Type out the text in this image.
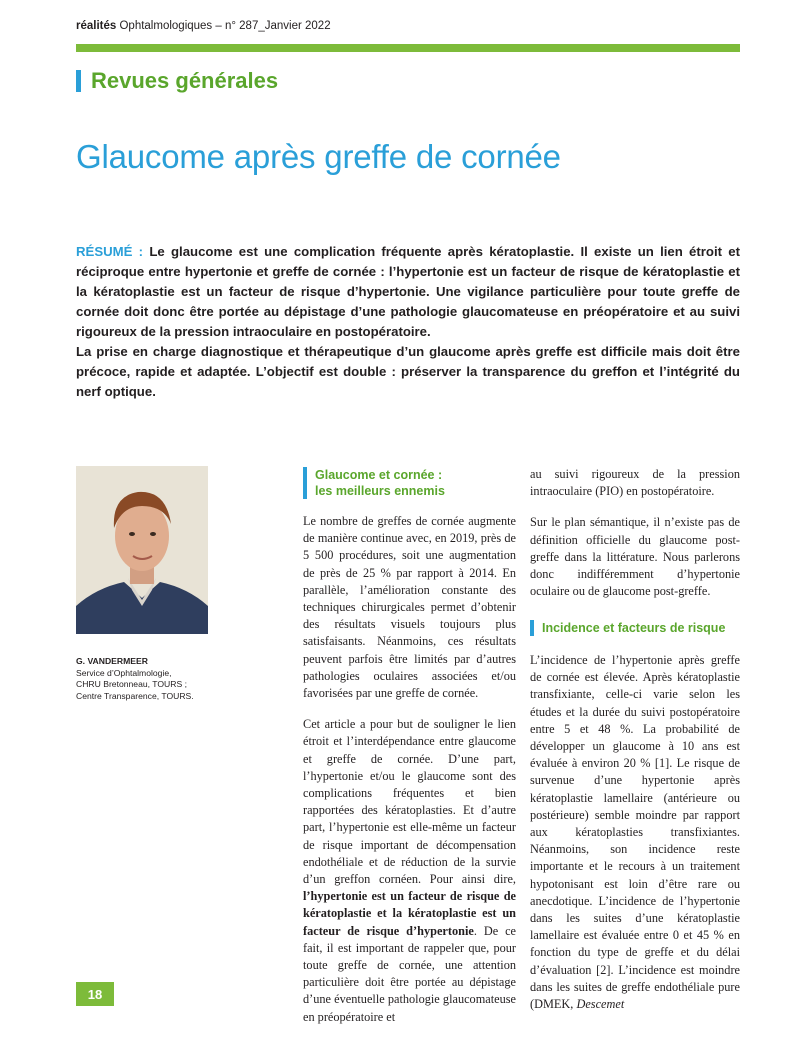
réalités Ophtalmologiques – n° 287_Janvier 2022
Revues générales
Glaucome après greffe de cornée

RÉSUMÉ : Le glaucome est une complication fréquente après kératoplastie. Il existe un lien étroit et réciproque entre hypertonie et greffe de cornée : l’hypertonie est un facteur de risque de kératoplastie et la kératoplastie est un facteur de risque d’hypertonie. Une vigilance particulière pour toute greffe de cornée doit donc être portée au dépistage d’une pathologie glaucomateuse en préopératoire et au suivi rigoureux de la pression intraoculaire en postopératoire.

La prise en charge diagnostique et thérapeutique d’un glaucome après greffe est difficile mais doit être précoce, rapide et adaptée. L’objectif est double : préserver la transparence du greffon et l’intégrité du nerf optique.

G. VANDERMEER
Service d’Ophtalmologie,
CHRU Bretonneau, TOURS ;
Centre Transparence, TOURS.
Glaucome et cornée :
les meilleurs ennemis

Le nombre de greffes de cornée augmente de manière continue avec, en 2019, près de 5 500 procédures, soit une augmentation de près de 25 % par rapport à 2014. En parallèle, l’amélioration constante des techniques chirurgicales permet d’obtenir des résultats visuels toujours plus satisfaisants. Néanmoins, ces résultats peuvent parfois être limités par d’autres pathologies oculaires associées et/ou favorisées par une greffe de cornée.

Cet article a pour but de souligner le lien étroit et l’interdépendance entre glaucome et greffe de cornée. D’une part, l’hypertonie et/ou le glaucome sont des complications fréquentes et bien rapportées des kératoplasties. Et d’autre part, l’hypertonie est elle-même un facteur de risque important de décompensation endothéliale et de réduction de la survie d’un greffon cornéen. Pour ainsi dire, l’hypertonie est un facteur de risque de kératoplastie et la kératoplastie est un facteur de risque d’hypertonie. De ce fait, il est important de rappeler que, pour toute greffe de cornée, une attention particulière doit être portée au dépistage d’une éventuelle pathologie glaucomateuse en préopératoire et

au suivi rigoureux de la pression intraoculaire (PIO) en postopératoire.

Sur le plan sémantique, il n’existe pas de définition officielle du glaucome post-greffe dans la littérature. Nous parlerons donc indifféremment d’hypertonie oculaire ou de glaucome post-greffe.

Incidence et facteurs de risque

L’incidence de l’hypertonie après greffe de cornée est élevée. Après kératoplastie transfixiante, celle-ci varie selon les études et la durée du suivi postopératoire entre 5 et 48 %. La probabilité de développer un glaucome à 10 ans est évaluée à environ 20 % [1]. Le risque de survenue d’une hypertonie après kératoplastie lamellaire (antérieure ou postérieure) semble moindre par rapport aux kératoplasties transfixiantes. Néanmoins, son incidence reste importante et le recours à un traitement hypotonisant est loin d’être rare ou anecdotique. L’incidence de l’hypertonie dans les suites d’une kératoplastie lamellaire est évaluée entre 0 et 45 % en fonction du type de greffe et du délai d’évaluation [2]. L’incidence est moindre dans les suites de greffe endothéliale pure (DMEK, Descemet

18
